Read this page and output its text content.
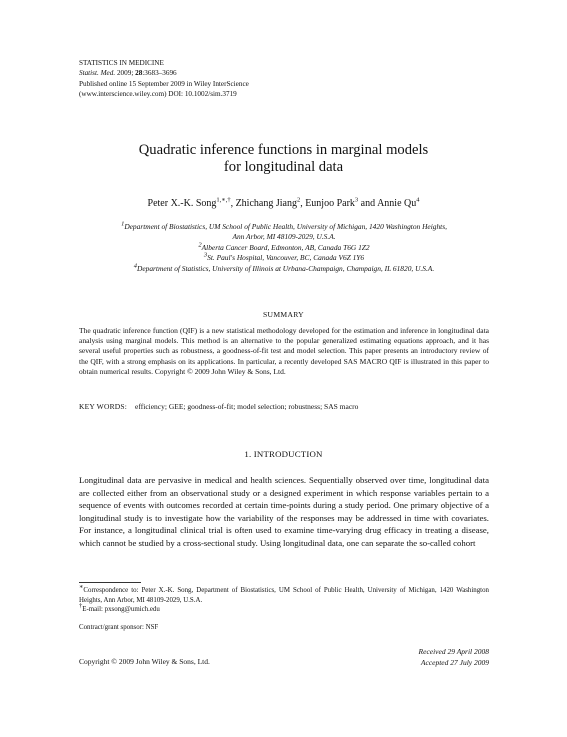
STATISTICS IN MEDICINE
Statist. Med. 2009; 28:3683–3696
Published online 15 September 2009 in Wiley InterScience
(www.interscience.wiley.com) DOI: 10.1002/sim.3719
Quadratic inference functions in marginal models
for longitudinal data
Peter X.-K. Song$^{1,∗,\dagger}$, Zhichang Jiang$^2$, Eunjoo Park$^3$ and Annie Qu$^4$
$^1$Department of Biostatistics, UM School of Public Health, University of Michigan, 1420 Washington Heights,
Ann Arbor, MI 48109-2029, U.S.A.
$^2$Alberta Cancer Board, Edmonton, AB, Canada T6G 1Z2
$^3$St. Paul's Hospital, Vancouver, BC, Canada V6Z 1Y6
$^4$Department of Statistics, University of Illinois at Urbana-Champaign, Champaign, IL 61820, U.S.A.
SUMMARY
The quadratic inference function (QIF) is a new statistical methodology developed for the estimation and inference in longitudinal data analysis using marginal models. This method is an alternative to the popular generalized estimating equations approach, and it has several useful properties such as robustness, a goodness-of-fit test and model selection. This paper presents an introductory review of the QIF, with a strong emphasis on its applications. In particular, a recently developed SAS MACRO QIF is illustrated in this paper to obtain numerical results. Copyright © 2009 John Wiley & Sons, Ltd.
KEY WORDS: efficiency; GEE; goodness-of-fit; model selection; robustness; SAS macro
1. INTRODUCTION
Longitudinal data are pervasive in medical and health sciences. Sequentially observed over time, longitudinal data are collected either from an observational study or a designed experiment in which response variables pertain to a sequence of events with outcomes recorded at certain time-points during a study period. One primary objective of a longitudinal study is to investigate how the variability of the responses may be addressed in time with covariates. For instance, a longitudinal clinical trial is often used to examine time-varying drug efficacy in treating a disease, which cannot be studied by a cross-sectional study. Using longitudinal data, one can separate the so-called cohort
∗Correspondence to: Peter X.-K. Song, Department of Biostatistics, UM School of Public Health, University of Michigan, 1420 Washington Heights, Ann Arbor, MI 48109-2029, U.S.A.
†E-mail: pxsong@umich.edu
Contract/grant sponsor: NSF
Received 29 April 2008
Accepted 27 July 2009
Copyright © 2009 John Wiley & Sons, Ltd.
